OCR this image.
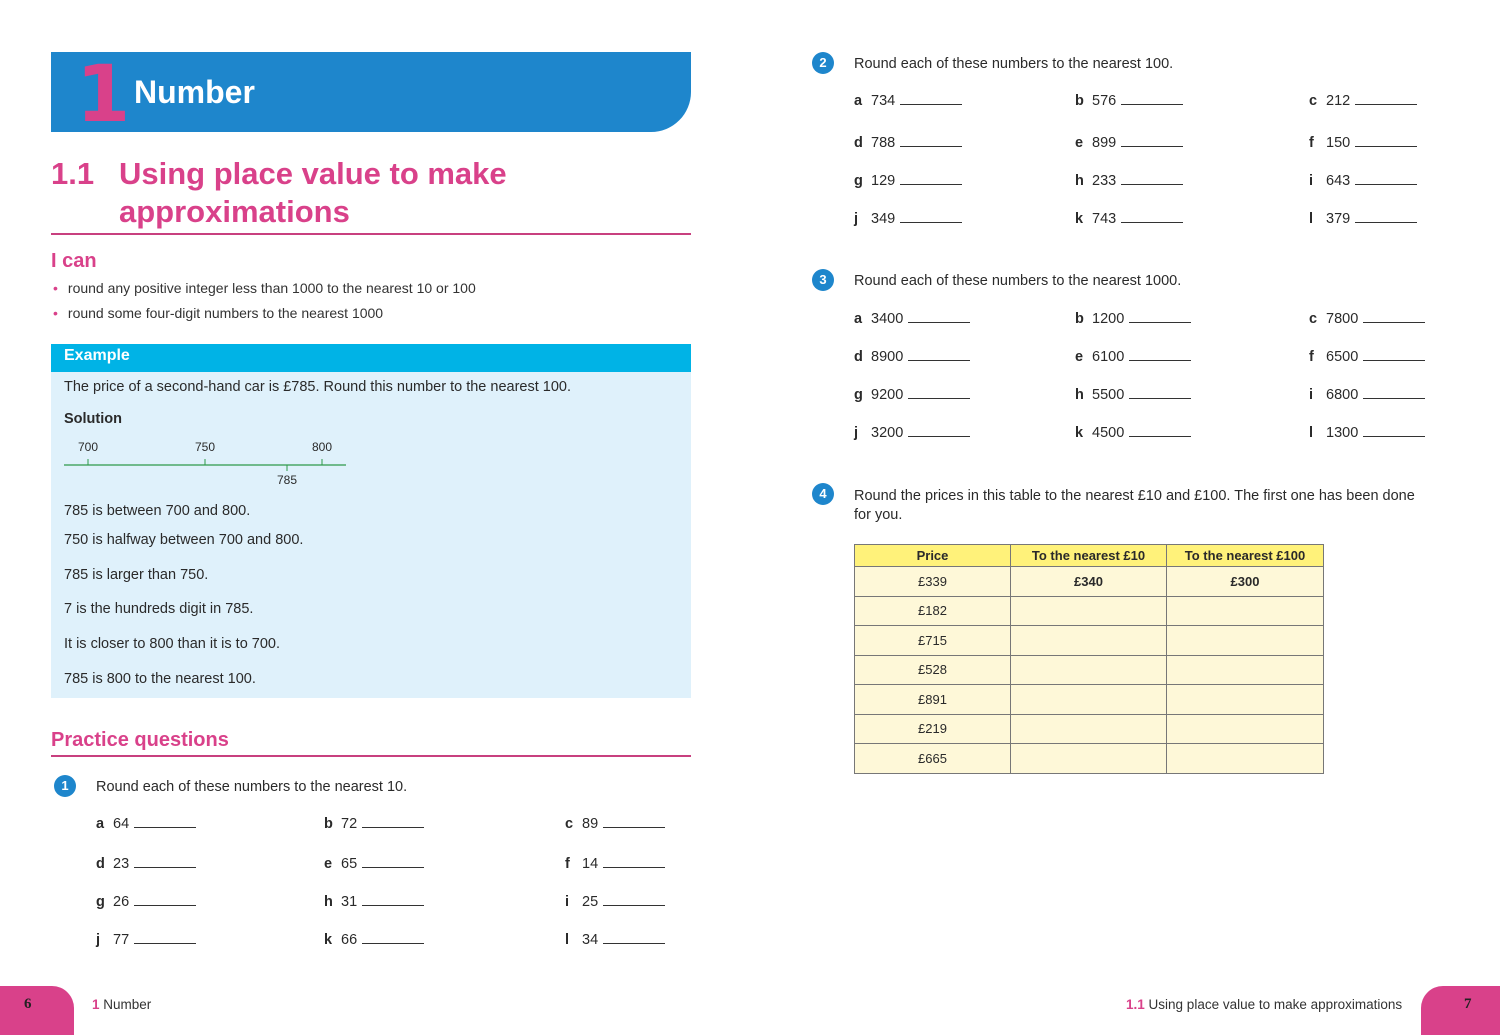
1 Number
1.1 Using place value to make approximations
I can
• round any positive integer less than 1000 to the nearest 10 or 100
• round some four-digit numbers to the nearest 1000
Example
The price of a second-hand car is £785. Round this number to the nearest 100.
Solution
700	750	800
785
785 is between 700 and 800.
750 is halfway between 700 and 800.
785 is larger than 750.
7 is the hundreds digit in 785.
It is closer to 800 than it is to 700.
785 is 800 to the nearest 100.
Practice questions
1	Round each of these numbers to the nearest 10.
a 64	b 72	c 89
d 23	e 65	f 14
g 26	h 31	i 25
j 77	k 66	l 34
2	Round each of these numbers to the nearest 100.
a 734	b 576	c 212
d 788	e 899	f 150
g 129	h 233	i 643
j 349	k 743	l 379
3	Round each of these numbers to the nearest 1000.
a 3400	b 1200	c 7800
d 8900	e 6100	f 6500
g 9200	h 5500	i 6800
j 3200	k 4500	l 1300
4	Round the prices in this table to the nearest £10 and £100. The first one has been done for you.
Price	To the nearest £10	To the nearest £100
£339	£340	£300
£182		
£715		
£528		
£891		
£219		
£665		
6	1 Number	1.1 Using place value to make approximations	7
